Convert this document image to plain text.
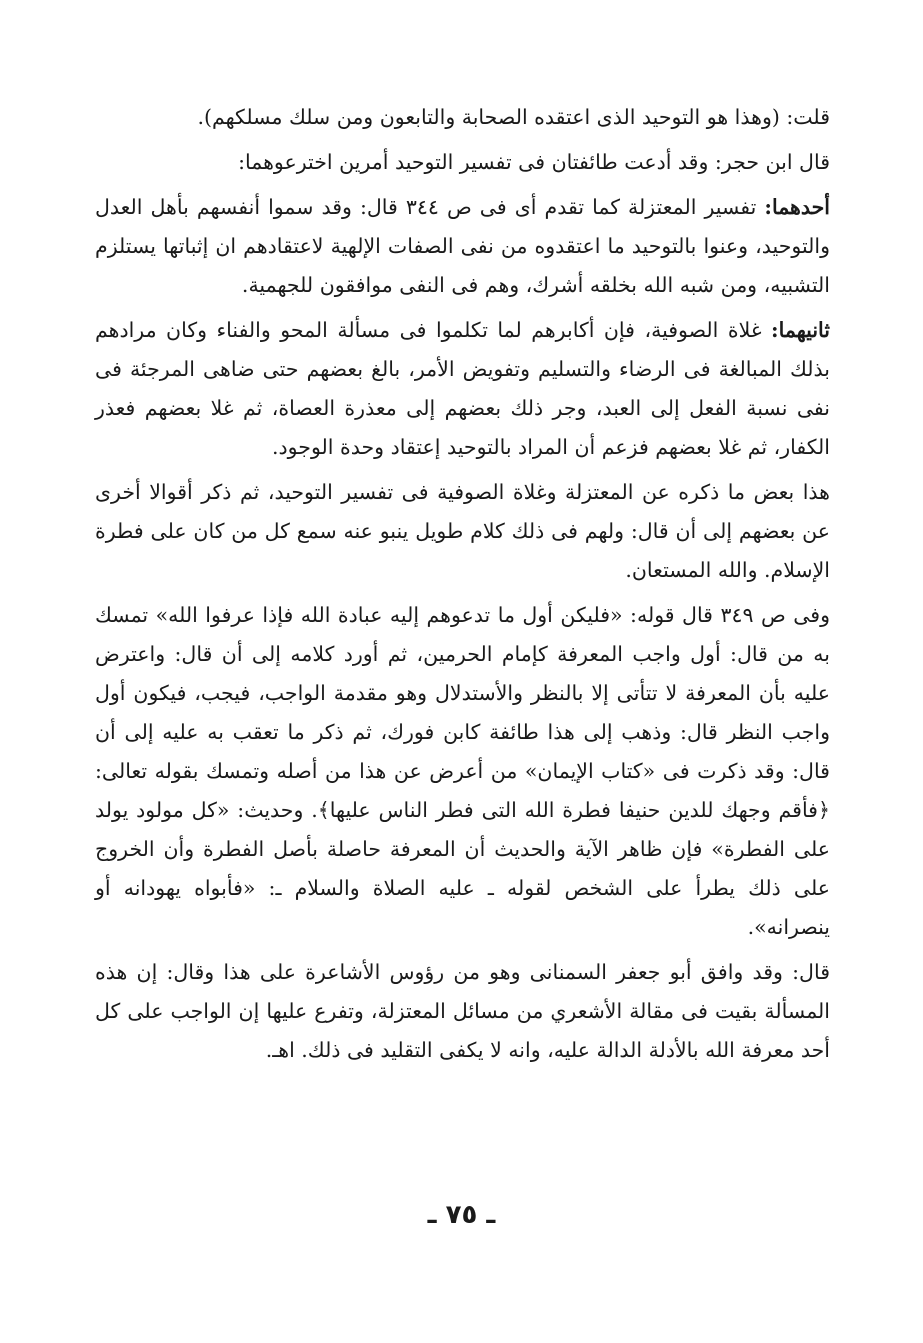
قلت: (وهذا هو التوحيد الذى اعتقده الصحابة والتابعون ومن سلك مسلكهم).

قال ابن حجر: وقد أدعت طائفتان فى تفسير التوحيد أمرين اخترعوهما:

أحدهما: تفسير المعتزلة كما تقدم أى فى ص ٣٤٤ قال: وقد سموا أنفسهم بأهل العدل والتوحيد، وعنوا بالتوحيد ما اعتقدوه من نفى الصفات الإلهية لاعتقادهم ان إثباتها يستلزم التشبيه، ومن شبه الله بخلقه أشرك، وهم فى النفى موافقون للجهمية.

ثانيهما: غلاة الصوفية، فإن أكابرهم لما تكلموا فى مسألة المحو والفناء وكان مرادهم بذلك المبالغة فى الرضاء والتسليم وتفويض الأمر، بالغ بعضهم حتى ضاهى المرجئة فى نفى نسبة الفعل إلى العبد، وجر ذلك بعضهم إلى معذرة العصاة، ثم غلا بعضهم فعذر الكفار، ثم غلا بعضهم فزعم أن المراد بالتوحيد إعتقاد وحدة الوجود.

هذا بعض ما ذكره عن المعتزلة وغلاة الصوفية فى تفسير التوحيد، ثم ذكر أقوالا أخرى عن بعضهم إلى أن قال: ولهم فى ذلك كلام طويل ينبو عنه سمع كل من كان على فطرة الإسلام. والله المستعان.

وفى ص ٣٤٩ قال قوله: «فليكن أول ما تدعوهم إليه عبادة الله فإذا عرفوا الله» تمسك به من قال: أول واجب المعرفة كإمام الحرمين، ثم أورد كلامه إلى أن قال: واعترض عليه بأن المعرفة لا تتأتى إلا بالنظر والأستدلال وهو مقدمة الواجب، فيجب، فيكون أول واجب النظر قال: وذهب إلى هذا طائفة كابن فورك، ثم ذكر ما تعقب به عليه إلى أن قال: وقد ذكرت فى «كتاب الإيمان» من أعرض عن هذا من أصله وتمسك بقوله تعالى: ﴿فأقم وجهك للدين حنيفا فطرة الله التى فطر الناس عليها﴾. وحديث: «كل مولود يولد على الفطرة» فإن ظاهر الآية والحديث أن المعرفة حاصلة بأصل الفطرة وأن الخروج على ذلك يطرأ على الشخص لقوله ـ عليه الصلاة والسلام ـ: «فأبواه يهودانه أو ينصرانه».

قال: وقد وافق أبو جعفر السمنانى وهو من رؤوس الأشاعرة على هذا وقال: إن هذه المسألة بقيت فى مقالة الأشعري من مسائل المعتزلة، وتفرع عليها إن الواجب على كل أحد معرفة الله بالأدلة الدالة عليه، وانه لا يكفى التقليد فى ذلك. اهـ.

ـ ٧٥ ـ
